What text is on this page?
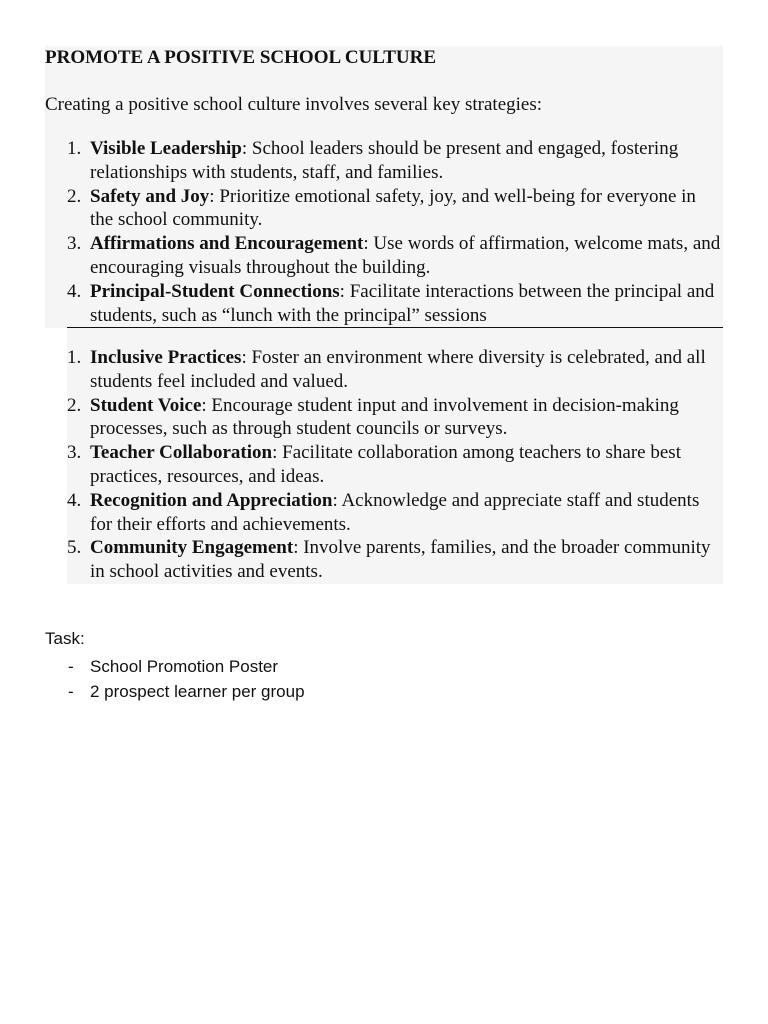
PROMOTE A POSITIVE SCHOOL CULTURE
Creating a positive school culture involves several key strategies:
1. Visible Leadership: School leaders should be present and engaged, fostering relationships with students, staff, and families.
2. Safety and Joy: Prioritize emotional safety, joy, and well-being for everyone in the school community.
3. Affirmations and Encouragement: Use words of affirmation, welcome mats, and encouraging visuals throughout the building.
4. Principal-Student Connections: Facilitate interactions between the principal and students, such as “lunch with the principal” sessions
1. Inclusive Practices: Foster an environment where diversity is celebrated, and all students feel included and valued.
2. Student Voice: Encourage student input and involvement in decision-making processes, such as through student councils or surveys.
3. Teacher Collaboration: Facilitate collaboration among teachers to share best practices, resources, and ideas.
4. Recognition and Appreciation: Acknowledge and appreciate staff and students for their efforts and achievements.
5. Community Engagement: Involve parents, families, and the broader community in school activities and events.
Task:
- School Promotion Poster
- 2 prospect learner per group
